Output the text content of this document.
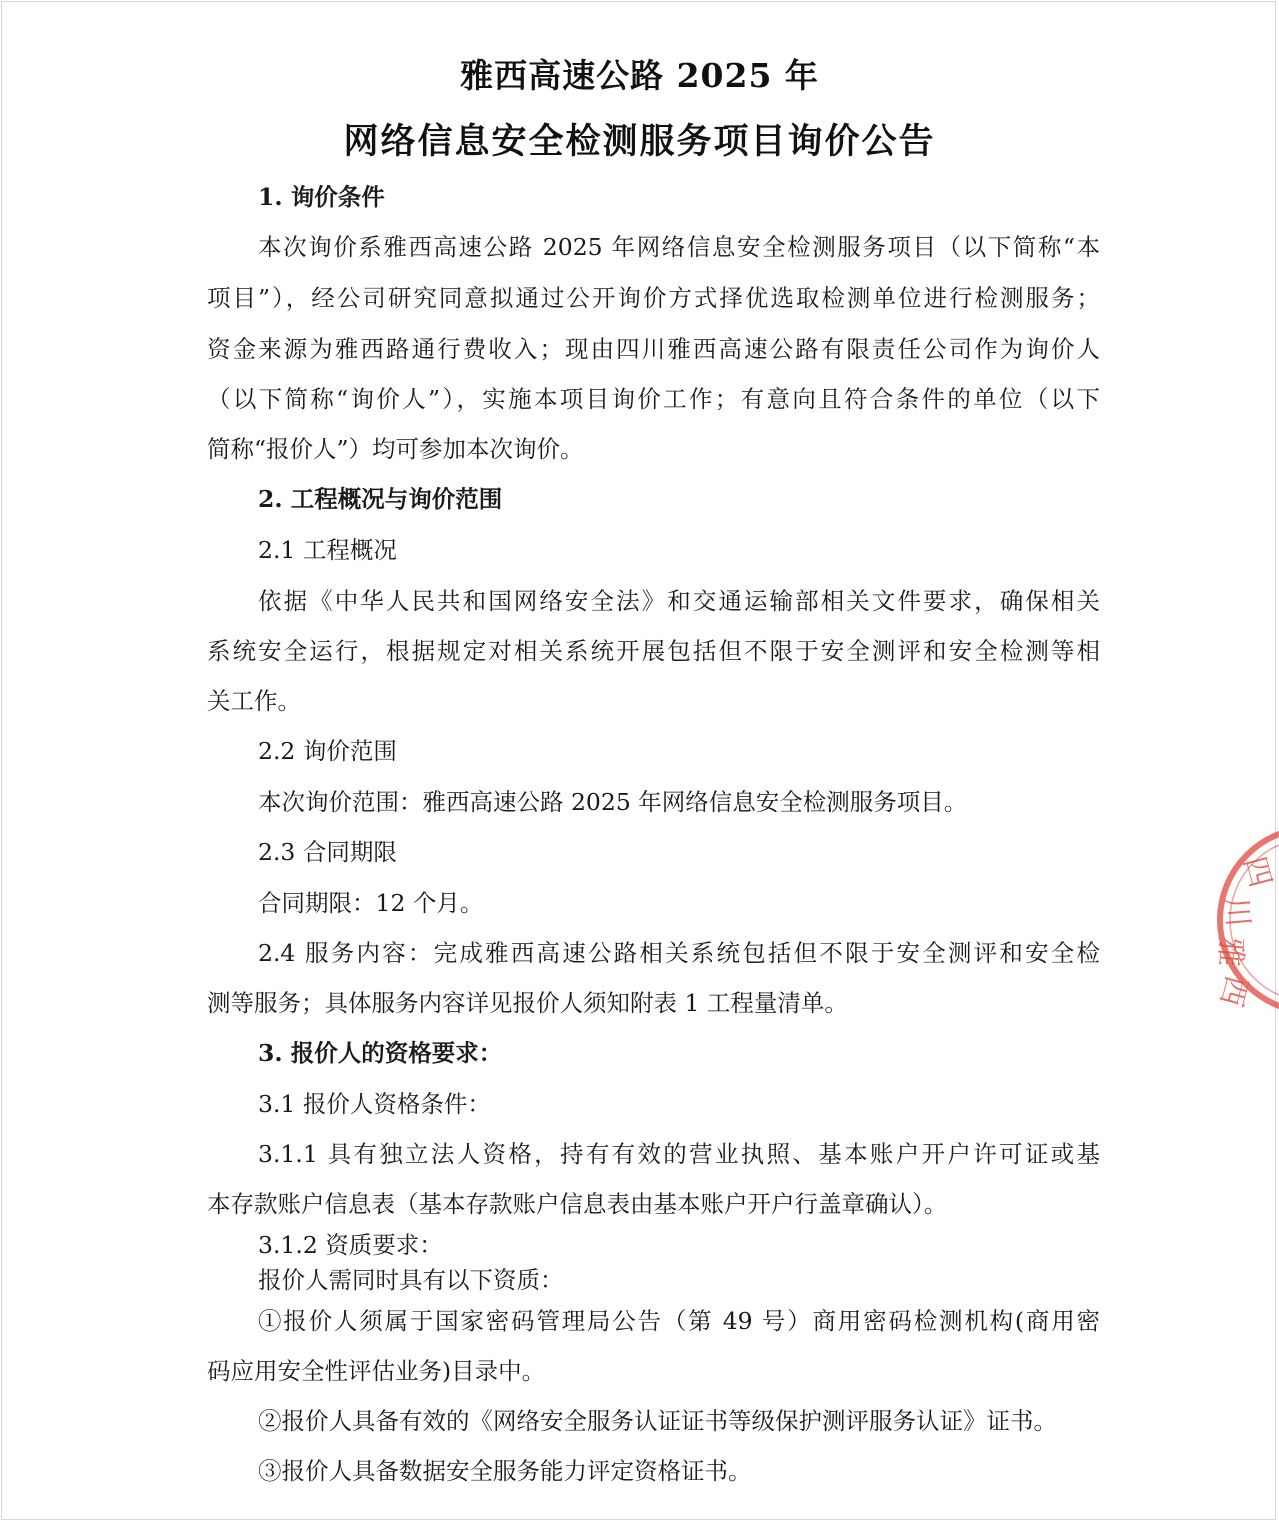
雅西高速公路 2025 年
网络信息安全检测服务项目询价公告
1. 询价条件
本次询价系雅西高速公路 2025 年网络信息安全检测服务项目（以下简称“本
项目”），经公司研究同意拟通过公开询价方式择优选取检测单位进行检测服务；
资金来源为雅西路通行费收入；现由四川雅西高速公路有限责任公司作为询价人
（以下简称“询价人”），实施本项目询价工作；有意向且符合条件的单位（以下
简称“报价人”）均可参加本次询价。
2. 工程概况与询价范围
2.1 工程概况
依据《中华人民共和国网络安全法》和交通运输部相关文件要求，确保相关
系统安全运行，根据规定对相关系统开展包括但不限于安全测评和安全检测等相
关工作。
2.2 询价范围
本次询价范围：雅西高速公路 2025 年网络信息安全检测服务项目。
2.3 合同期限
合同期限：12 个月。
2.4 服务内容：完成雅西高速公路相关系统包括但不限于安全测评和安全检
测等服务；具体服务内容详见报价人须知附表 1 工程量清单。
3. 报价人的资格要求：
3.1 报价人资格条件：
3.1.1 具有独立法人资格，持有有效的营业执照、基本账户开户许可证或基
本存款账户信息表（基本存款账户信息表由基本账户开户行盖章确认）。
3.1.2 资质要求：
报价人需同时具有以下资质：
①报价人须属于国家密码管理局公告（第 49 号）商用密码检测机构(商用密
码应用安全性评估业务)目录中。
②报价人具备有效的《网络安全服务认证证书等级保护测评服务认证》证书。
③报价人具备数据安全服务能力评定资格证书。
四
川
雅
西
